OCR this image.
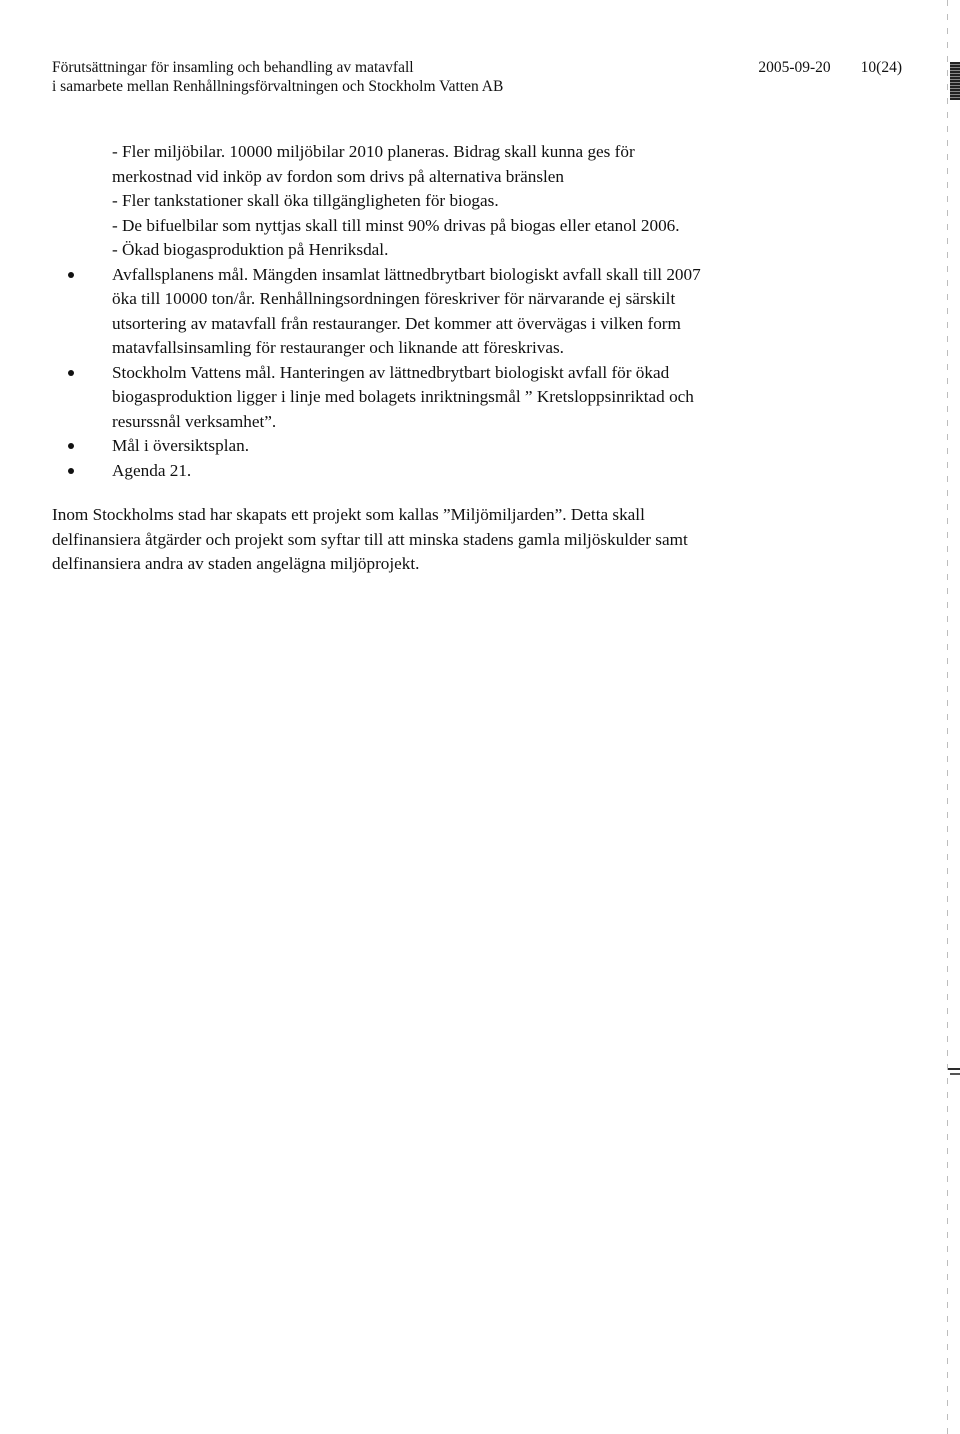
Förutsättningar för insamling och behandling av matavfall
i samarbete mellan Renhållningsförvaltningen och Stockholm Vatten AB
2005-09-20 10(24)
- Fler miljöbilar. 10000 miljöbilar 2010 planeras. Bidrag skall kunna ges för
merkostnad vid inköp av fordon som drivs på alternativa bränslen
- Fler tankstationer skall öka tillgängligheten för biogas.
- De bifuelbilar som nyttjas skall till minst 90% drivas på biogas eller etanol 2006.
- Ökad biogasproduktion på Henriksdal.
Avfallsplanens mål. Mängden insamlat lättnedbrytbart biologiskt avfall skall till 2007
öka till 10000 ton/år. Renhållningsordningen föreskriver för närvarande ej särskilt
utsortering av matavfall från restauranger. Det kommer att övervägas i vilken form
matavfallsinsamling för restauranger och liknande att föreskrivas.
Stockholm Vattens mål. Hanteringen av lättnedbrytbart biologiskt avfall för ökad
biogasproduktion ligger i linje med bolagets inriktningsmål ” Kretsloppsinriktad och
resurssnål verksamhet”.
Mål i översiktsplan.
Agenda 21.
Inom Stockholms stad har skapats ett projekt som kallas ”Miljömiljarden”. Detta skall
delfinansiera åtgärder och projekt som syftar till att minska stadens gamla miljöskulder samt
delfinansiera andra av staden angelägna miljöprojekt.
